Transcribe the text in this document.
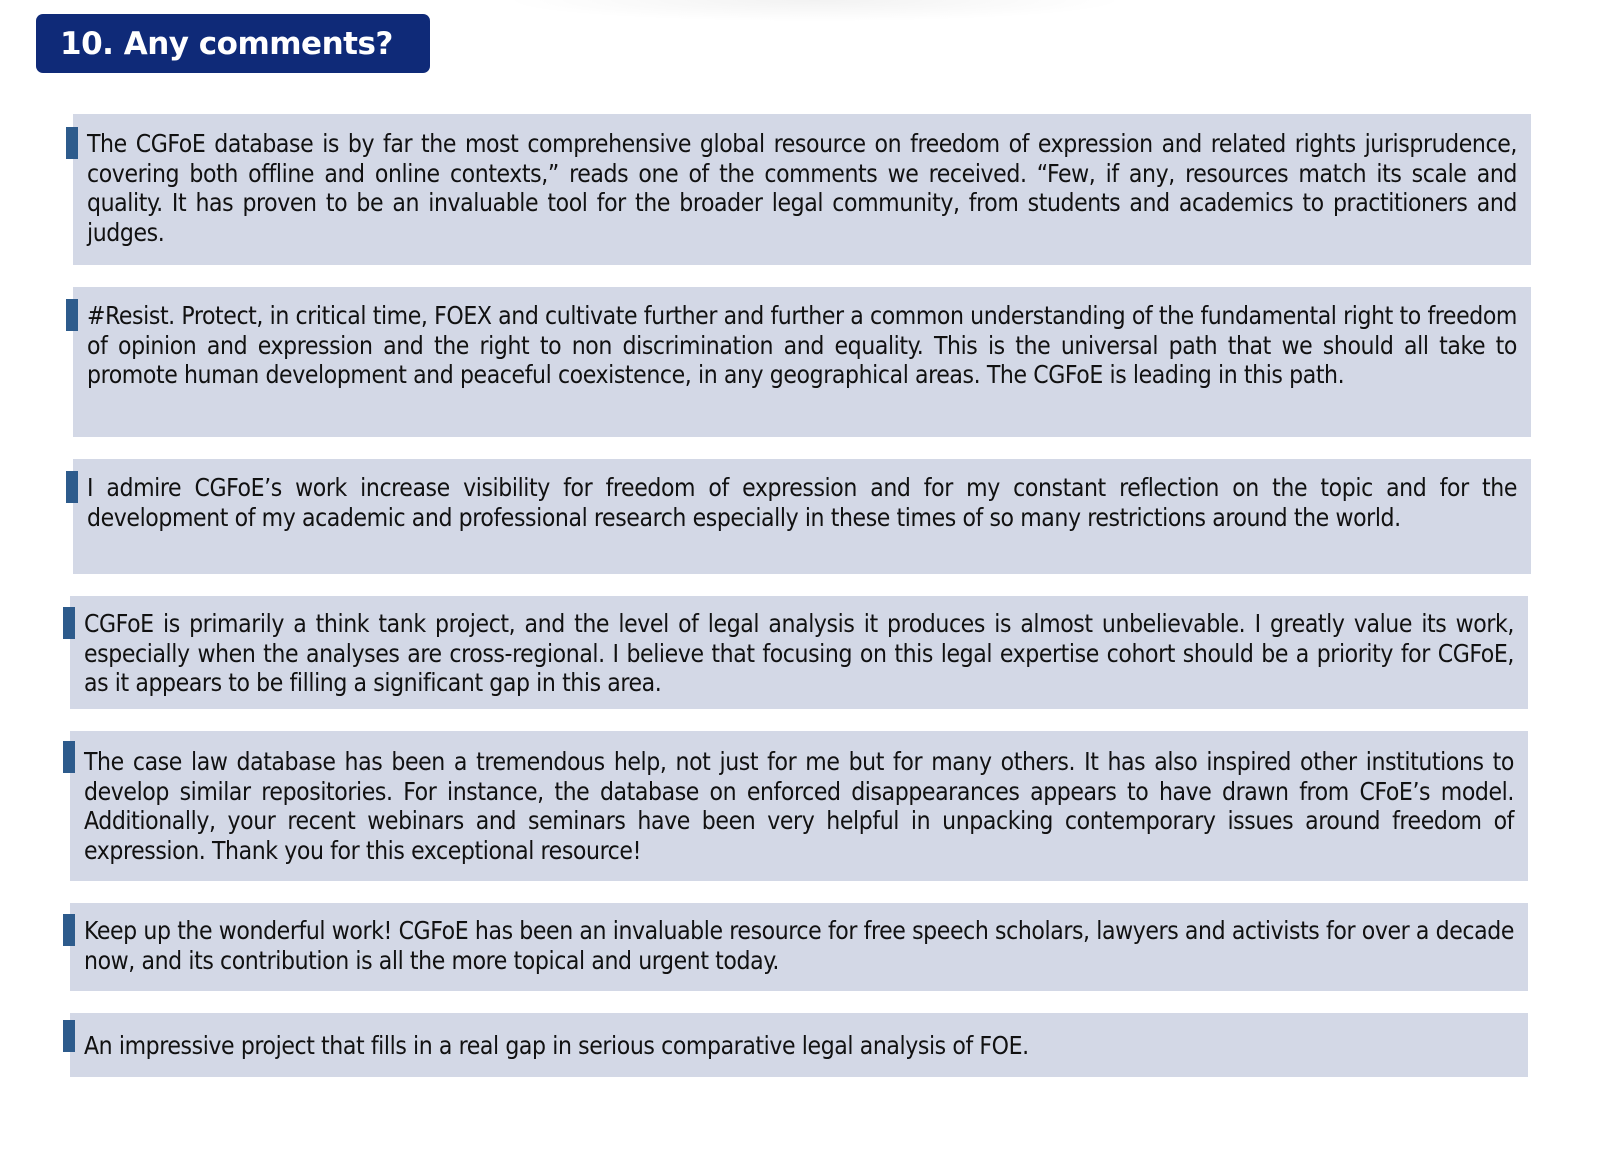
10. Any comments?

The CGFoE database is by far the most comprehensive global resource on freedom of expression and related rights jurisprudence, covering both offline and online contexts,” reads one of the comments we received. “Few, if any, resources match its scale and quality. It has proven to be an invaluable tool for the broader legal community, from students and academics to practitioners and judges.

#Resist. Protect, in critical time, FOEX and cultivate further and further a common understanding of the fundamental right to freedom of opinion and expression and the right to non discrimination and equality. This is the universal path that we should all take to promote human development and peaceful coexistence, in any geographical areas. The CGFoE is leading in this path.

I admire CGFoE’s work increase visibility for freedom of expression and for my constant reflection on the topic and for the development of my academic and professional research especially in these times of so many restrictions around the world.

CGFoE is primarily a think tank project, and the level of legal analysis it produces is almost unbelievable. I greatly value its work, especially when the analyses are cross-regional. I believe that focusing on this legal expertise cohort should be a priority for CGFoE, as it appears to be filling a significant gap in this area.

The case law database has been a tremendous help, not just for me but for many others. It has also inspired other institutions to develop similar repositories. For instance, the database on enforced disappearances appears to have drawn from CFoE’s model. Additionally, your recent webinars and seminars have been very helpful in unpacking contemporary issues around freedom of expression. Thank you for this exceptional resource!

Keep up the wonderful work! CGFoE has been an invaluable resource for free speech scholars, lawyers and activists for over a decade now, and its contribution is all the more topical and urgent today.

An impressive project that fills in a real gap in serious comparative legal analysis of FOE.
